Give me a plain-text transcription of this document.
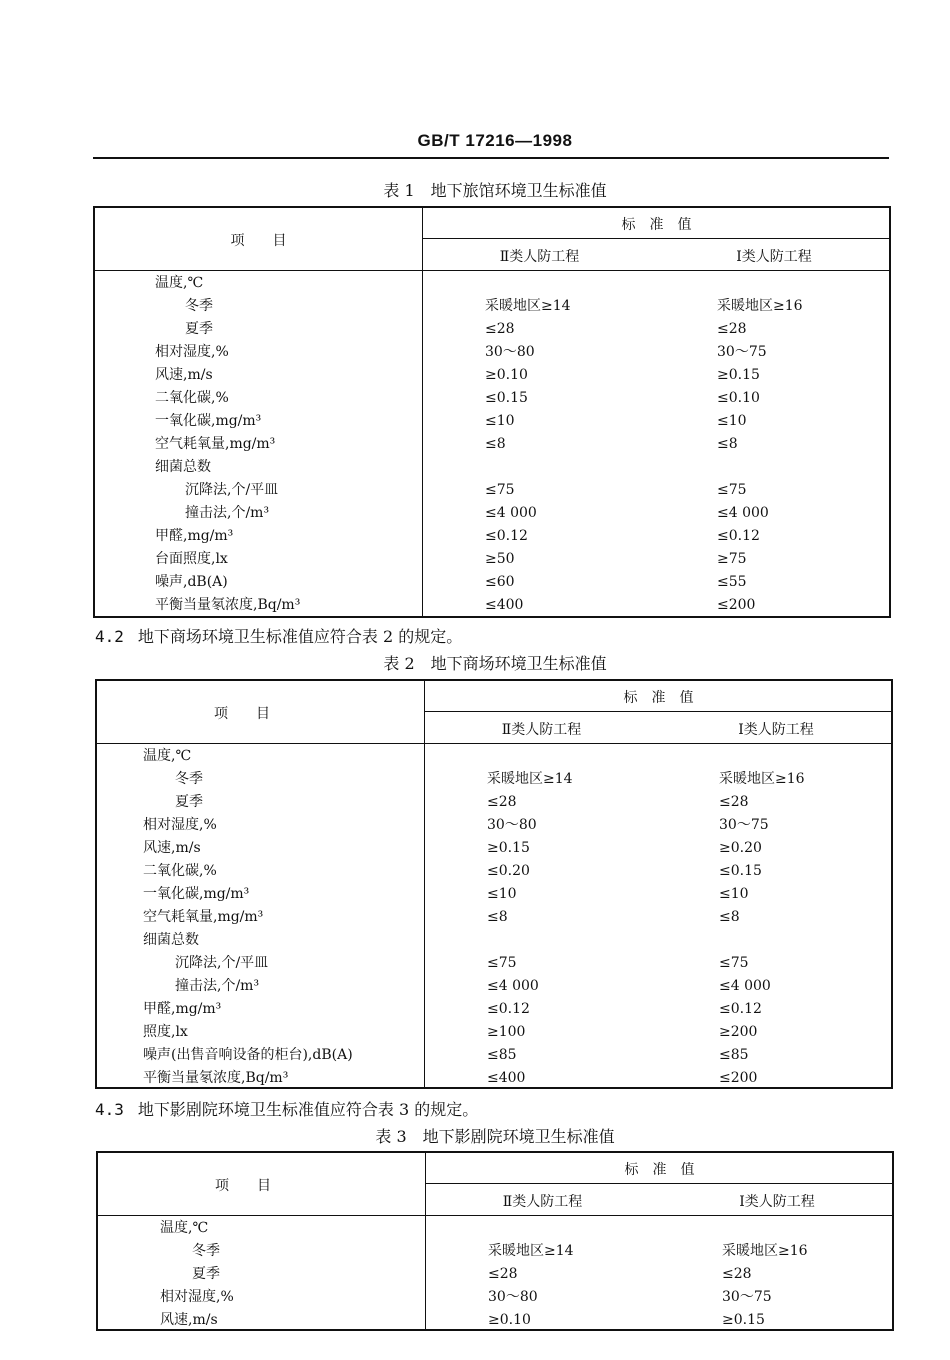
GB/T 17216—1998
表 1　地下旅馆环境卫生标准值
项　　目
标　准　值
Ⅱ类人防工程	Ⅰ类人防工程
温度,℃
冬季	采暖地区≥14	采暖地区≥16
夏季	≤28	≤28
相对湿度,%	30～80	30～75
风速,m/s	≥0.10	≥0.15
二氧化碳,%	≤0.15	≤0.10
一氧化碳,mg/m³	≤10	≤10
空气耗氧量,mg/m³	≤8	≤8
细菌总数
沉降法,个/平皿	≤75	≤75
撞击法,个/m³	≤4 000	≤4 000
甲醛,mg/m³	≤0.12	≤0.12
台面照度,lx	≥50	≥75
噪声,dB(A)	≤60	≤55
平衡当量氡浓度,Bq/m³	≤400	≤200
4.2 地下商场环境卫生标准值应符合表 2 的规定。
表 2　地下商场环境卫生标准值
项　　目
标　准　值
Ⅱ类人防工程	Ⅰ类人防工程
温度,℃
冬季	采暖地区≥14	采暖地区≥16
夏季	≤28	≤28
相对湿度,%	30～80	30～75
风速,m/s	≥0.15	≥0.20
二氧化碳,%	≤0.20	≤0.15
一氧化碳,mg/m³	≤10	≤10
空气耗氧量,mg/m³	≤8	≤8
细菌总数
沉降法,个/平皿	≤75	≤75
撞击法,个/m³	≤4 000	≤4 000
甲醛,mg/m³	≤0.12	≤0.12
照度,lx	≥100	≥200
噪声(出售音响设备的柜台),dB(A)	≤85	≤85
平衡当量氡浓度,Bq/m³	≤400	≤200
4.3 地下影剧院环境卫生标准值应符合表 3 的规定。
表 3　地下影剧院环境卫生标准值
项　　目
标　准　值
Ⅱ类人防工程	Ⅰ类人防工程
温度,℃
冬季	采暖地区≥14	采暖地区≥16
夏季	≤28	≤28
相对湿度,%	30～80	30～75
风速,m/s	≥0.10	≥0.15
